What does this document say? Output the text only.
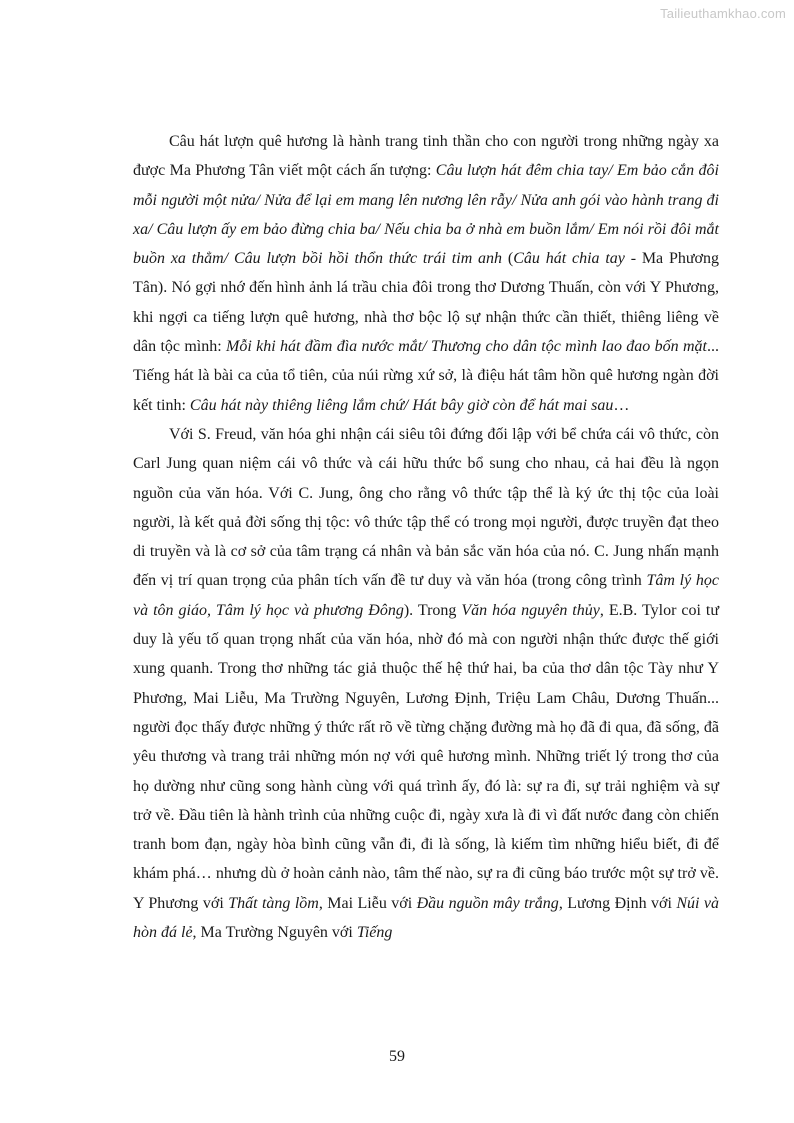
Tailieuthamkhao.com

Câu hát lượn quê hương là hành trang tinh thần cho con người trong những ngày xa được Ma Phương Tân viết một cách ấn tượng: Câu lượn hát đêm chia tay/ Em bảo cắn đôi mỗi người một nửa/ Nửa để lại em mang lên nương lên rẫy/ Nửa anh gói vào hành trang đi xa/ Câu lượn ấy em bảo đừng chia ba/ Nếu chia ba ở nhà em buồn lắm/ Em nói rồi đôi mắt buồn xa thẳm/ Câu lượn bồi hồi thổn thức trái tim anh (Câu hát chia tay - Ma Phương Tân). Nó gợi nhớ đến hình ảnh lá trầu chia đôi trong thơ Dương Thuấn, còn với Y Phương, khi ngợi ca tiếng lượn quê hương, nhà thơ bộc lộ sự nhận thức cần thiết, thiêng liêng về dân tộc mình: Mỗi khi hát đầm đìa nước mắt/ Thương cho dân tộc mình lao đao bốn mặt... Tiếng hát là bài ca của tổ tiên, của núi rừng xứ sở, là điệu hát tâm hồn quê hương ngàn đời kết tinh: Câu hát này thiêng liêng lắm chứ/ Hát bây giờ còn để hát mai sau…

Với S. Freud, văn hóa ghi nhận cái siêu tôi đứng đối lập với bể chứa cái vô thức, còn Carl Jung quan niệm cái vô thức và cái hữu thức bổ sung cho nhau, cả hai đều là ngọn nguồn của văn hóa. Với C. Jung, ông cho rằng vô thức tập thể là ký ức thị tộc của loài người, là kết quả đời sống thị tộc: vô thức tập thể có trong mọi người, được truyền đạt theo di truyền và là cơ sở của tâm trạng cá nhân và bản sắc văn hóa của nó. C. Jung nhấn mạnh đến vị trí quan trọng của phân tích vấn đề tư duy và văn hóa (trong công trình Tâm lý học và tôn giáo, Tâm lý học và phương Đông). Trong Văn hóa nguyên thủy, E.B. Tylor coi tư duy là yếu tố quan trọng nhất của văn hóa, nhờ đó mà con người nhận thức được thế giới xung quanh. Trong thơ những tác giả thuộc thế hệ thứ hai, ba của thơ dân tộc Tày như Y Phương, Mai Liễu, Ma Trường Nguyên, Lương Định, Triệu Lam Châu, Dương Thuấn... người đọc thấy được những ý thức rất rõ về từng chặng đường mà họ đã đi qua, đã sống, đã yêu thương và trang trải những món nợ với quê hương mình. Những triết lý trong thơ của họ dường như cũng song hành cùng với quá trình ấy, đó là: sự ra đi, sự trải nghiệm và sự trở về. Đầu tiên là hành trình của những cuộc đi, ngày xưa là đi vì đất nước đang còn chiến tranh bom đạn, ngày hòa bình cũng vẫn đi, đi là sống, là kiếm tìm những hiểu biết, đi để khám phá… nhưng dù ở hoàn cảnh nào, tâm thế nào, sự ra đi cũng báo trước một sự trở về. Y Phương với Thất tàng lồm, Mai Liễu với Đầu nguồn mây trắng, Lương Định với Núi và hòn đá lẻ, Ma Trường Nguyên với Tiếng

59
